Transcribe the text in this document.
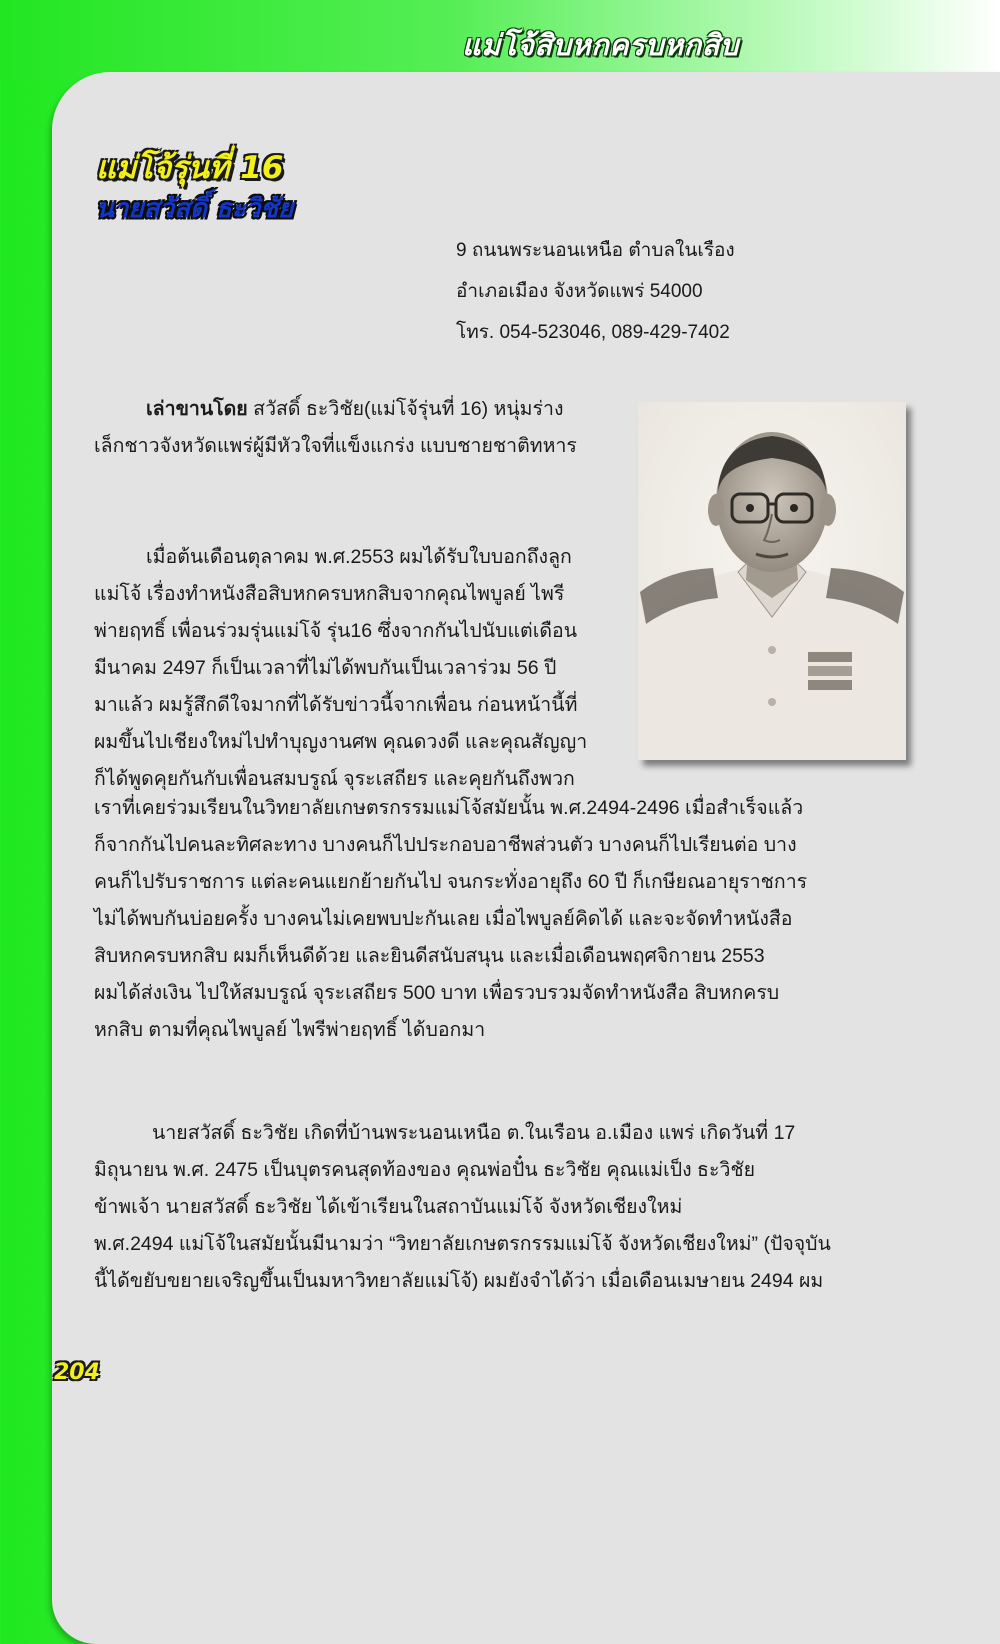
แม่โจ้สิบหกครบหกสิบ
แม่โจ้รุ่นที่ 16
นายสวัสดิ์ ธะวิชัย
9 ถนนพระนอนเหนือ ตำบลในเรือง
อำเภอเมือง จังหวัดแพร่ 54000
โทร. 054-523046, 089-429-7402
เล่าขานโดย สวัสดิ์ ธะวิชัย(แม่โจ้รุ่นที่ 16) หนุ่มร่าง
เล็กชาวจังหวัดแพร่ผู้มีหัวใจที่แข็งแกร่ง แบบชายชาติทหาร
เมื่อต้นเดือนตุลาคม พ.ศ.2553 ผมได้รับใบบอกถึงลูก
แม่โจ้ เรื่องทำหนังสือสิบหกครบหกสิบจากคุณไพบูลย์ ไพรี
พ่ายฤทธิ์ เพื่อนร่วมรุ่นแม่โจ้ รุ่น16 ซึ่งจากกันไปนับแต่เดือน
มีนาคม 2497 ก็เป็นเวลาที่ไม่ได้พบกันเป็นเวลาร่วม 56 ปี
มาแล้ว ผมรู้สึกดีใจมากที่ได้รับข่าวนี้จากเพื่อน ก่อนหน้านี้ที่
ผมขึ้นไปเชียงใหม่ไปทำบุญงานศพ คุณดวงดี และคุณสัญญา
ก็ได้พูดคุยกันกับเพื่อนสมบรูณ์ จุระเสถียร และคุยกันถึงพวก
เราที่เคยร่วมเรียนในวิทยาลัยเกษตรกรรมแม่โจ้สมัยนั้น พ.ศ.2494-2496 เมื่อสำเร็จแล้ว
ก็จากกันไปคนละทิศละทาง บางคนก็ไปประกอบอาชีพส่วนตัว บางคนก็ไปเรียนต่อ บาง
คนก็ไปรับราชการ แต่ละคนแยกย้ายกันไป จนกระทั่งอายุถึง 60 ปี ก็เกษียณอายุราชการ
ไม่ได้พบกันบ่อยครั้ง บางคนไม่เคยพบปะกันเลย เมื่อไพบูลย์คิดได้ และจะจัดทำหนังสือ
สิบหกครบหกสิบ ผมก็เห็นดีด้วย และยินดีสนับสนุน และเมื่อเดือนพฤศจิกายน 2553
ผมได้ส่งเงิน ไปให้สมบรูณ์ จุระเสถียร 500 บาท เพื่อรวบรวมจัดทำหนังสือ สิบหกครบ
หกสิบ ตามที่คุณไพบูลย์ ไพรีพ่ายฤทธิ์ ได้บอกมา
นายสวัสดิ์ ธะวิชัย เกิดที่บ้านพระนอนเหนือ ต.ในเรือน อ.เมือง แพร่ เกิดวันที่ 17
มิถุนายน พ.ศ. 2475 เป็นบุตรคนสุดท้องของ คุณพ่อปั๋น ธะวิชัย คุณแม่เป็ง ธะวิชัย
ข้าพเจ้า นายสวัสดิ์ ธะวิชัย ได้เข้าเรียนในสถาบันแม่โจ้ จังหวัดเชียงใหม่
พ.ศ.2494 แม่โจ้ในสมัยนั้นมีนามว่า “วิทยาลัยเกษตรกรรมแม่โจ้ จังหวัดเชียงใหม่” (ปัจจุบัน
นี้ได้ขยับขยายเจริญขึ้นเป็นมหาวิทยาลัยแม่โจ้) ผมยังจำได้ว่า เมื่อเดือนเมษายน 2494 ผม
204
